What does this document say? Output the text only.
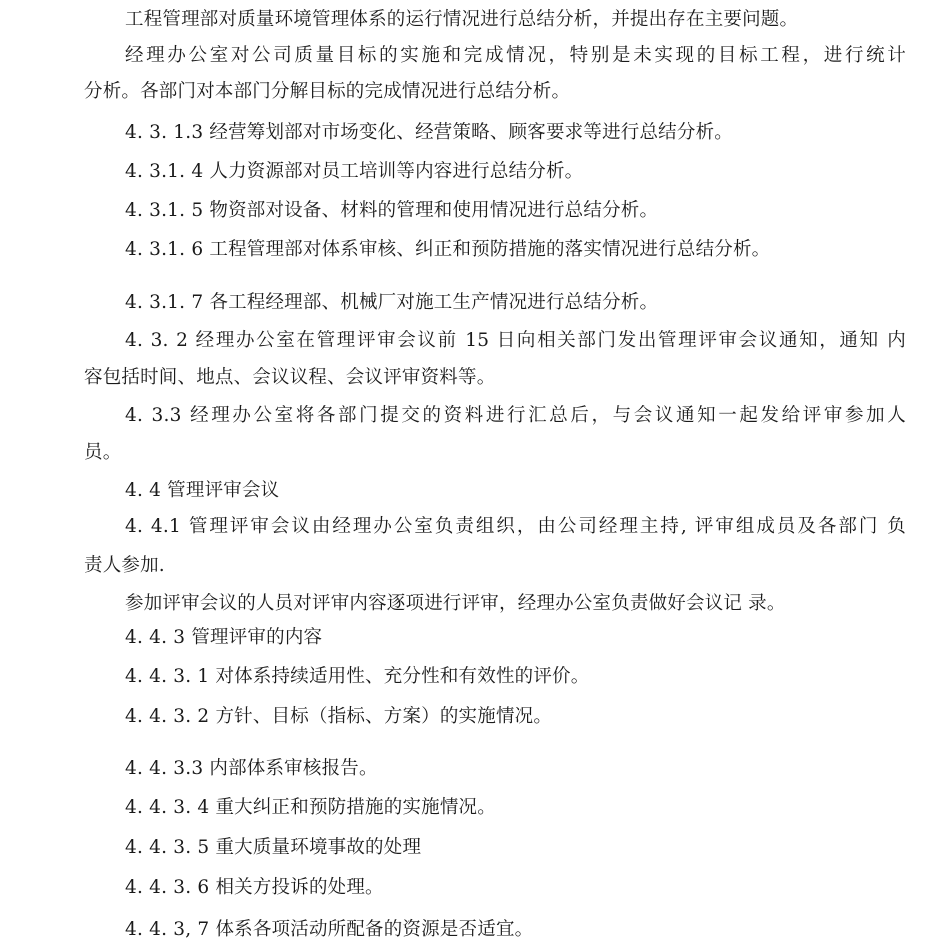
工程管理部对质量环境管理体系的运行情况进行总结分析，并提出存在主要问题。
经理办公室对公司质量目标的实施和完成情况，特别是未实现的目标工程，进行统计
分析。各部门对本部门分解目标的完成情况进行总结分析。
4. 3. 1.3 经营筹划部对市场变化、经营策略、顾客要求等进行总结分析。
4. 3.1. 4 人力资源部对员工培训等内容进行总结分析。
4. 3.1. 5 物资部对设备、材料的管理和使用情况进行总结分析。
4. 3.1. 6 工程管理部对体系审核、纠正和预防措施的落实情况进行总结分析。
4. 3.1. 7 各工程经理部、机械厂对施工生产情况进行总结分析。
4. 3. 2 经理办公室在管理评审会议前 15 日向相关部门发出管理评审会议通知，通知 内
容包括时间、地点、会议议程、会议评审资料等。
4. 3.3 经理办公室将各部门提交的资料进行汇总后，与会议通知一起发给评审参加人
员。
4. 4 管理评审会议
4. 4.1 管理评审会议由经理办公室负责组织，由公司经理主持, 评审组成员及各部门 负
责人参加.
参加评审会议的人员对评审内容逐项进行评审，经理办公室负责做好会议记 录。
4. 4. 3 管理评审的内容
4. 4. 3. 1 对体系持续适用性、充分性和有效性的评价。
4. 4. 3. 2 方针、目标（指标、方案）的实施情况。
4. 4. 3.3 内部体系审核报告。
4. 4. 3. 4 重大纠正和预防措施的实施情况。
4. 4. 3. 5 重大质量环境事故的处理
4. 4. 3. 6 相关方投诉的处理。
4. 4. 3, 7 体系各项活动所配备的资源是否适宜。
